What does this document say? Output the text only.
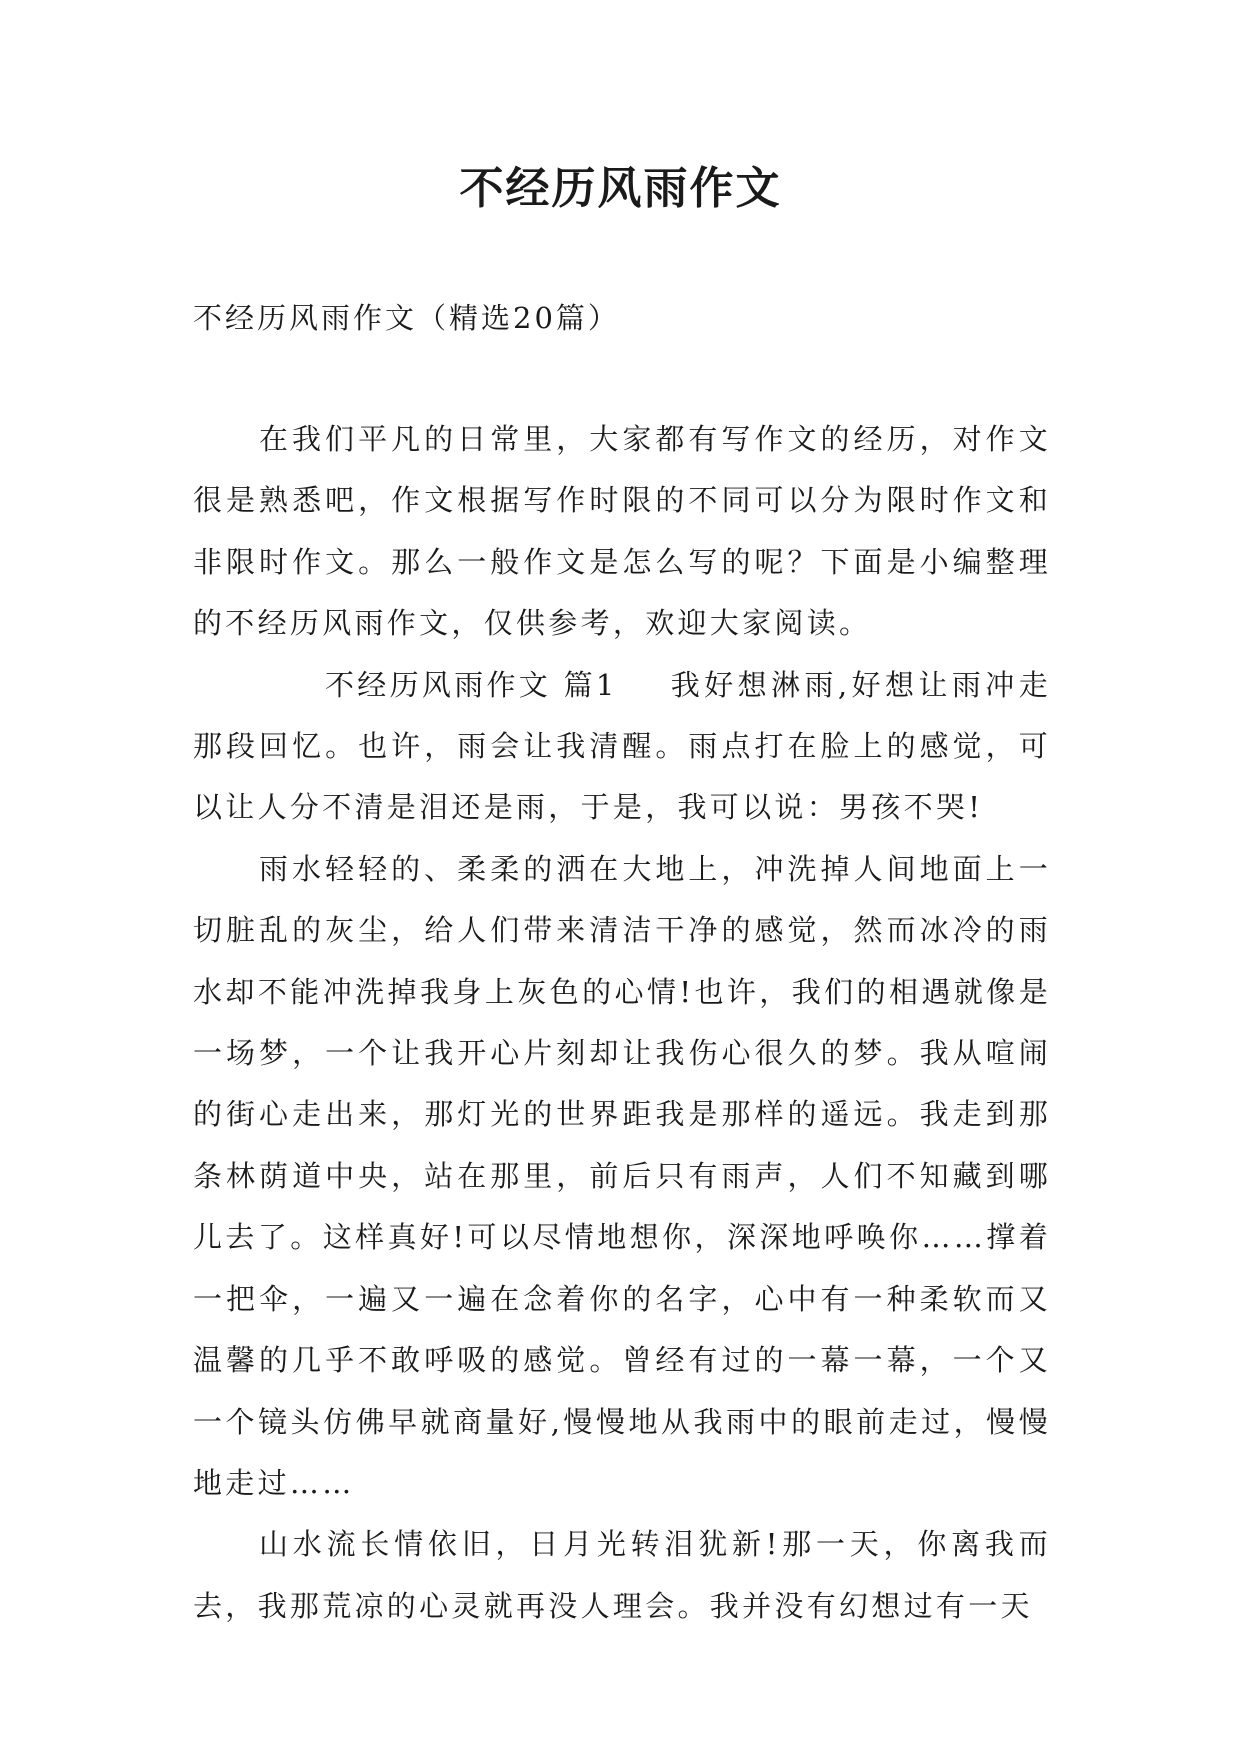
不经历风雨作文
不经历风雨作文（精选20篇）

在我们平凡的日常里，大家都有写作文的经历，对作文很是熟悉吧，作文根据写作时限的不同可以分为限时作文和非限时作文。那么一般作文是怎么写的呢？下面是小编整理的不经历风雨作文，仅供参考，欢迎大家阅读。

不经历风雨作文 篇1 我好想淋雨,好想让雨冲走那段回忆。也许，雨会让我清醒。雨点打在脸上的感觉，可以让人分不清是泪还是雨，于是，我可以说：男孩不哭!

雨水轻轻的、柔柔的洒在大地上，冲洗掉人间地面上一切脏乱的灰尘，给人们带来清洁干净的感觉，然而冰冷的雨水却不能冲洗掉我身上灰色的心情!也许，我们的相遇就像是一场梦，一个让我开心片刻却让我伤心很久的梦。我从喧闹的街心走出来，那灯光的世界距我是那样的遥远。我走到那条林荫道中央，站在那里，前后只有雨声，人们不知藏到哪儿去了。这样真好!可以尽情地想你，深深地呼唤你……撑着一把伞，一遍又一遍在念着你的名字，心中有一种柔软而又温馨的几乎不敢呼吸的感觉。曾经有过的一幕一幕，一个又一个镜头仿佛早就商量好,慢慢地从我雨中的眼前走过，慢慢地走过……

山水流长情依旧，日月光转泪犹新!那一天，你离我而去，我那荒凉的心灵就再没人理会。我并没有幻想过有一天
